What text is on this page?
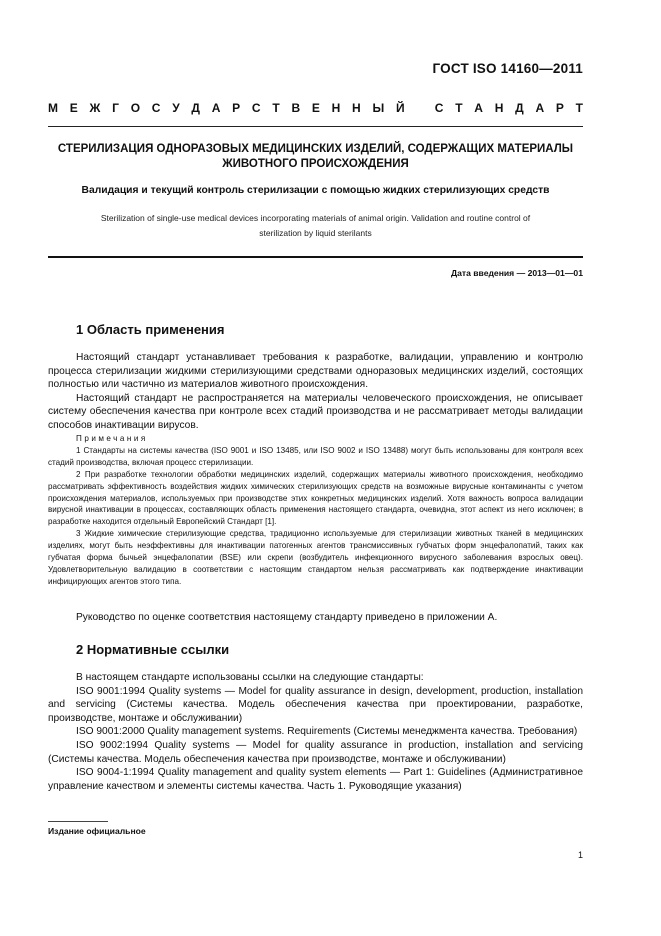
ГОСТ ISO 14160—2011
М Е Ж Г О С У Д А Р С Т В Е Н Н Ы Й
	С Т А Н Д А Р Т
СТЕРИЛИЗАЦИЯ ОДНОРАЗОВЫХ МЕДИЦИНСКИХ ИЗДЕЛИЙ, СОДЕРЖАЩИХ МАТЕРИАЛЫ
ЖИВОТНОГО ПРОИСХОЖДЕНИЯ
Валидация и текущий контроль стерилизации с помощью жидких стерилизующих средств
Sterilization of single-use medical devices incorporating materials of animal origin. Validation and routine control of
sterilization by liquid sterilants
Дата введения — 2013—01—01
1 Область применения

Настоящий стандарт устанавливает требования к разработке, валидации, управлению и контролю процесса стерилизации жидкими стерилизующими средствами одноразовых медицинских изделий, состоящих полностью или частично из материалов животного происхождения.

Настоящий стандарт не распространяется на материалы человеческого происхождения, не описывает систему обеспечения качества при контроле всех стадий производства и не рассматривает методы валидации способов инактивации вирусов.

Примечания

1 Стандарты на системы качества (ISO 9001 и ISO 13485, или ISO 9002 и ISO 13488) могут быть использованы для контроля всех стадий производства, включая процесс стерилизации.

2 При разработке технологии обработки медицинских изделий, содержащих материалы животного происхождения, необходимо рассматривать эффективность воздействия жидких химических стерилизующих средств на возможные вирусные контаминанты с учетом происхождения материалов, используемых при производстве этих конкретных медицинских изделий. Хотя важность вопроса валидации вирусной инактивации в процессах, составляющих область применения настоящего стандарта, очевидна, этот аспект из него исключен; в разработке находится отдельный Европейский Стандарт [1].

3 Жидкие химические стерилизующие средства, традиционно используемые для стерилизации животных тканей в медицинских изделиях, могут быть неэффективны для инактивации патогенных агентов трансмиссивных губчатых форм энцефалопатий, таких как губчатая форма бычьей энцефалопатии (BSE) или скрепи (возбудитель инфекционного вирусного заболевания взрослых овец). Удовлетворительную валидацию в соответствии с настоящим стандартом нельзя рассматривать как подтверждение инактивации инфицирующих агентов этого типа.

Руководство по оценке соответствия настоящему стандарту приведено в приложении А.

2 Нормативные ссылки

В настоящем стандарте использованы ссылки на следующие стандарты:

ISO 9001:1994 Quality systems — Model for quality assurance in design, development, production, installation and servicing (Системы качества. Модель обеспечения качества при проектировании, разработке, производстве, монтаже и обслуживании)

ISO 9001:2000 Quality management systems. Requirements (Системы менеджмента качества. Требования)

ISO 9002:1994 Quality systems — Model for quality assurance in production, installation and servicing (Системы качества. Модель обеспечения качества при производстве, монтаже и обслуживании)

ISO 9004-1:1994 Quality management and quality system elements — Part 1: Guidelines (Административное управление качеством и элементы системы качества. Часть 1. Руководящие указания)

Издание официальное
1
